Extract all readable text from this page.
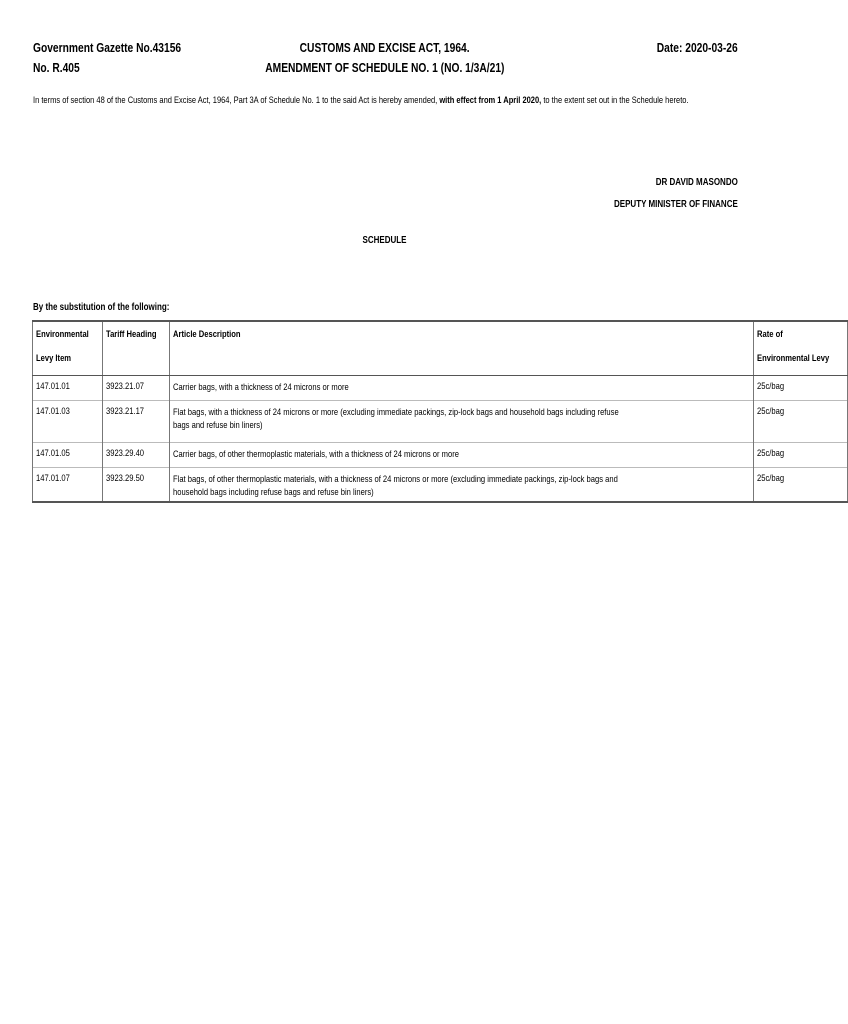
Government Gazette No.43156
No. R.405
CUSTOMS AND EXCISE ACT, 1964.
AMENDMENT OF SCHEDULE NO. 1 (NO. 1/3A/21)
Date: 2020-03-26
In terms of section 48 of the Customs and Excise Act, 1964, Part 3A of Schedule No. 1 to the said Act is hereby amended, with effect from 1 April 2020, to the extent set out in the Schedule hereto.
DR DAVID MASONDO
DEPUTY MINISTER OF FINANCE
SCHEDULE
By the substitution of the following:
Environmental	Tariff Heading	Article Description	Rate of
Levy Item			Environmental Levy
147.01.01	3923.21.07	Carrier bags, with a thickness of 24 microns or more	25c/bag
147.01.03	3923.21.17	Flat bags, with a thickness of 24 microns or more (excluding immediate packings, zip-lock bags and household bags including refuse bags and refuse bin liners)	25c/bag
147.01.05	3923.29.40	Carrier bags, of other thermoplastic materials, with a thickness of 24 microns or more	25c/bag
147.01.07	3923.29.50	Flat bags, of other thermoplastic materials, with a thickness of 24 microns or more (excluding immediate packings, zip-lock bags and household bags including refuse bags and refuse bin liners)	25c/bag
